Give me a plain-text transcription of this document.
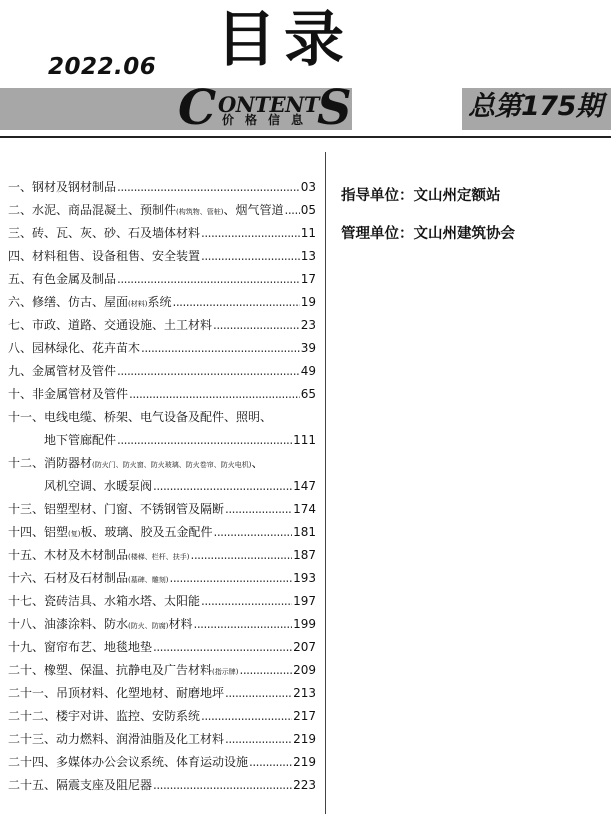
2022.06 目录
C ONTENT
S
价格信息	总第175期
一、 钢材及钢材制品 .....	03
二、 水泥、商品混凝土、预制件(构筑物、管桩)、烟气管道 ..... 05
三、 砖、瓦、灰、砂、石及墙体材料 .....	11
四、 材料租售、设备租售、安全装置 .....	13
五、 有色金属及制品 .....	17
六、 修缮、仿古、屋面(材料)系统 .....	19
七、 市政、道路、交通设施、土工材料 .....	23
八、 园林绿化、花卉苗木 .....	39
九、 金属管材及管件 .....	49
十、 非金属管材及管件 .....	65
十一、 电线电缆、桥架、电气设备及配件、照明、
地下管廊配件 .....	111
十二、 消防器材(防火门、防火窗、防火玻璃、防火卷帘、防火电机)、
风机空调、水暖泵阀 .....	147
十三、 铝塑型材、门窗、不锈钢管及隔断 .....	174
十四、 铝塑(复)板、玻璃、胶及五金配件 .....	181
十五、 木材及木材制品(楼梯、栏杆、扶手) .....	187
十六、 石材及石材制品(墓碑、雕刻) .....	193
十七、 瓷砖洁具、水箱水塔、太阳能 .....	197
十八、 油漆涂料、防水(防火、防腐)材料 .....	199
十九、 窗帘布艺、地毯地垫 .....	207
二十、 橡塑、保温、抗静电及广告材料(指示牌) .....	209
二十一、 吊顶材料、化塑地材、耐磨地坪 .....	213
二十二、 楼宇对讲、监控、安防系统 .....	217
二十三、 动力燃料、润滑油脂及化工材料 .....	219
二十四、 多媒体办公会议系统、体育运动设施 .....	219
二十五、 隔震支座及阻尼器 .....	223
指导单位：文山州定额站
管理单位：文山州建筑协会
